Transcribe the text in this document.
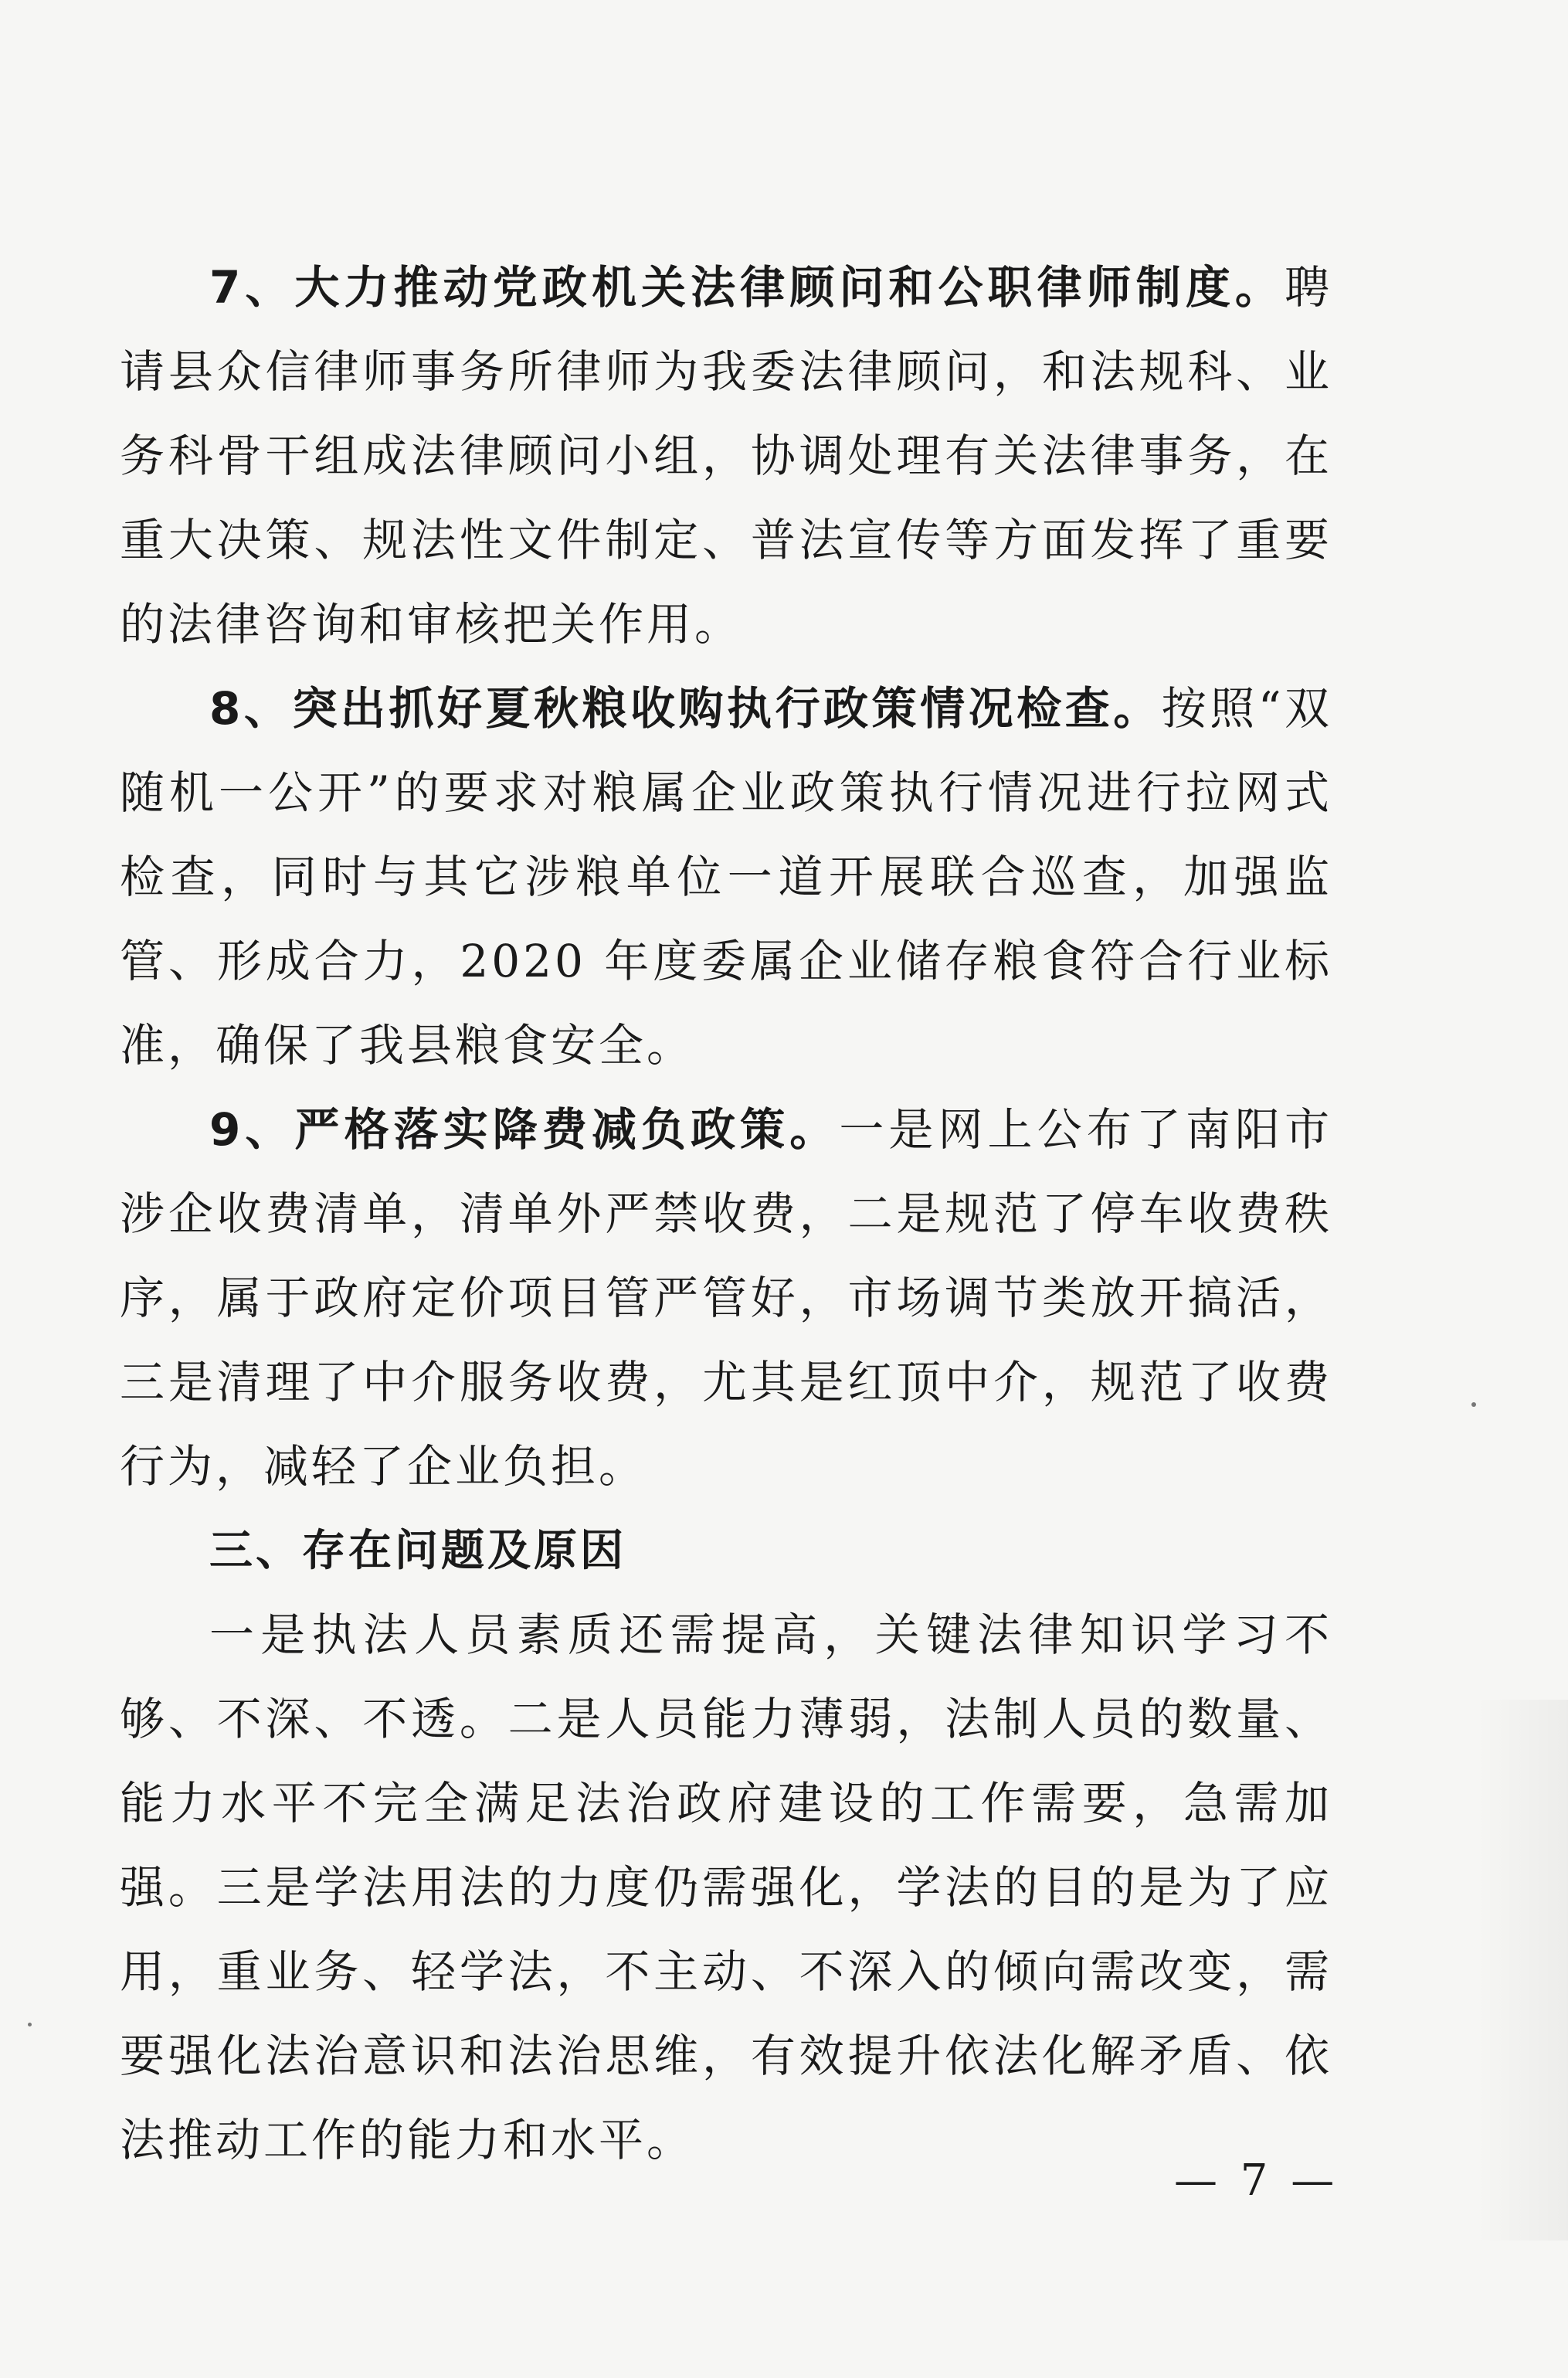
7、大力推动党政机关法律顾问和公职律师制度。聘请县众信律师事务所律师为我委法律顾问，和法规科、业务科骨干组成法律顾问小组，协调处理有关法律事务，在重大决策、规法性文件制定、普法宣传等方面发挥了重要的法律咨询和审核把关作用。

8、突出抓好夏秋粮收购执行政策情况检查。按照“双随机一公开”的要求对粮属企业政策执行情况进行拉网式检查，同时与其它涉粮单位一道开展联合巡查，加强监管、形成合力，2020 年度委属企业储存粮食符合行业标准，确保了我县粮食安全。

9、严格落实降费减负政策。一是网上公布了南阳市涉企收费清单，清单外严禁收费，二是规范了停车收费秩序，属于政府定价项目管严管好，市场调节类放开搞活，三是清理了中介服务收费，尤其是红顶中介，规范了收费行为，减轻了企业负担。

三、存在问题及原因

一是执法人员素质还需提高，关键法律知识学习不够、不深、不透。二是人员能力薄弱，法制人员的数量、能力水平不完全满足法治政府建设的工作需要，急需加强。三是学法用法的力度仍需强化，学法的目的是为了应用，重业务、轻学法，不主动、不深入的倾向需改变，需要强化法治意识和法治思维，有效提升依法化解矛盾、依法推动工作的能力和水平。

— 7 —
